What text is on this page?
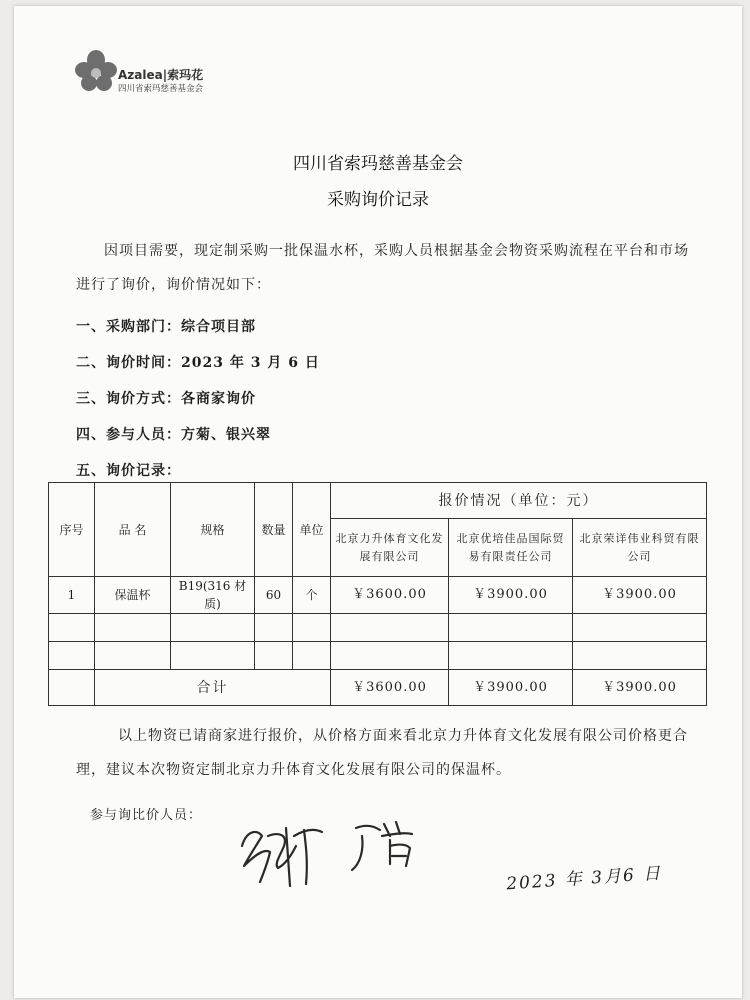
Azalea|索玛花
四川省索玛慈善基金会
四川省索玛慈善基金会
采购询价记录
因项目需要，现定制采购一批保温水杯，采购人员根据基金会物资采购流程在平台和市场进行了询价，询价情况如下：
一、采购部门：综合项目部
二、询价时间：2023 年 3 月 6 日
三、询价方式：各商家询价
四、参与人员：方菊、银兴翠
五、询价记录：
序号	品 名	规格	数量	单位	报价情况（单位：元）		
					北京力升体育文化发展有限公司	北京优培佳品国际贸易有限责任公司	北京荣详伟业科贸有限公司
1	保温杯	B19(316 材质)	60	个	￥3600.00	￥3900.00	￥3900.00

	合计				￥3600.00	￥3900.00	￥3900.00
以上物资已请商家进行报价，从价格方面来看北京力升体育文化发展有限公司价格更合理，建议本次物资定制北京力升体育文化发展有限公司的保温杯。
参与询比价人员：
2023 年 3月6 日
